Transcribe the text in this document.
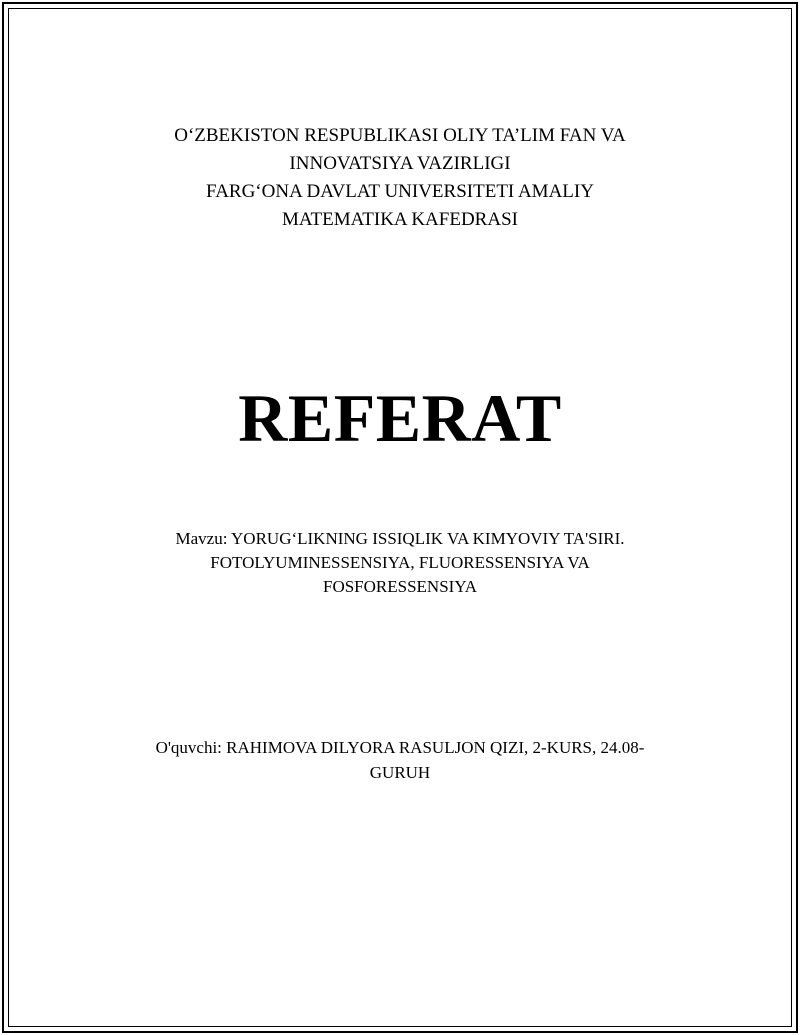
O‘ZBEKISTON RESPUBLIKASI OLIY TA’LIM FAN VA
INNOVATSIYA VAZIRLIGI
FARG‘ONA DAVLAT UNIVERSITETI AMALIY
MATEMATIKA KAFEDRASI
REFERAT
Mavzu: YORUG‘LIKNING ISSIQLIK VA KIMYOVIY TA'SIRI.
FOTOLYUMINESSENSIYA, FLUORESSENSIYA VA
FOSFORESSENSIYA
O'quvchi: RAHIMOVA DILYORA RASULJON QIZI, 2-KURS, 24.08-
GURUH
